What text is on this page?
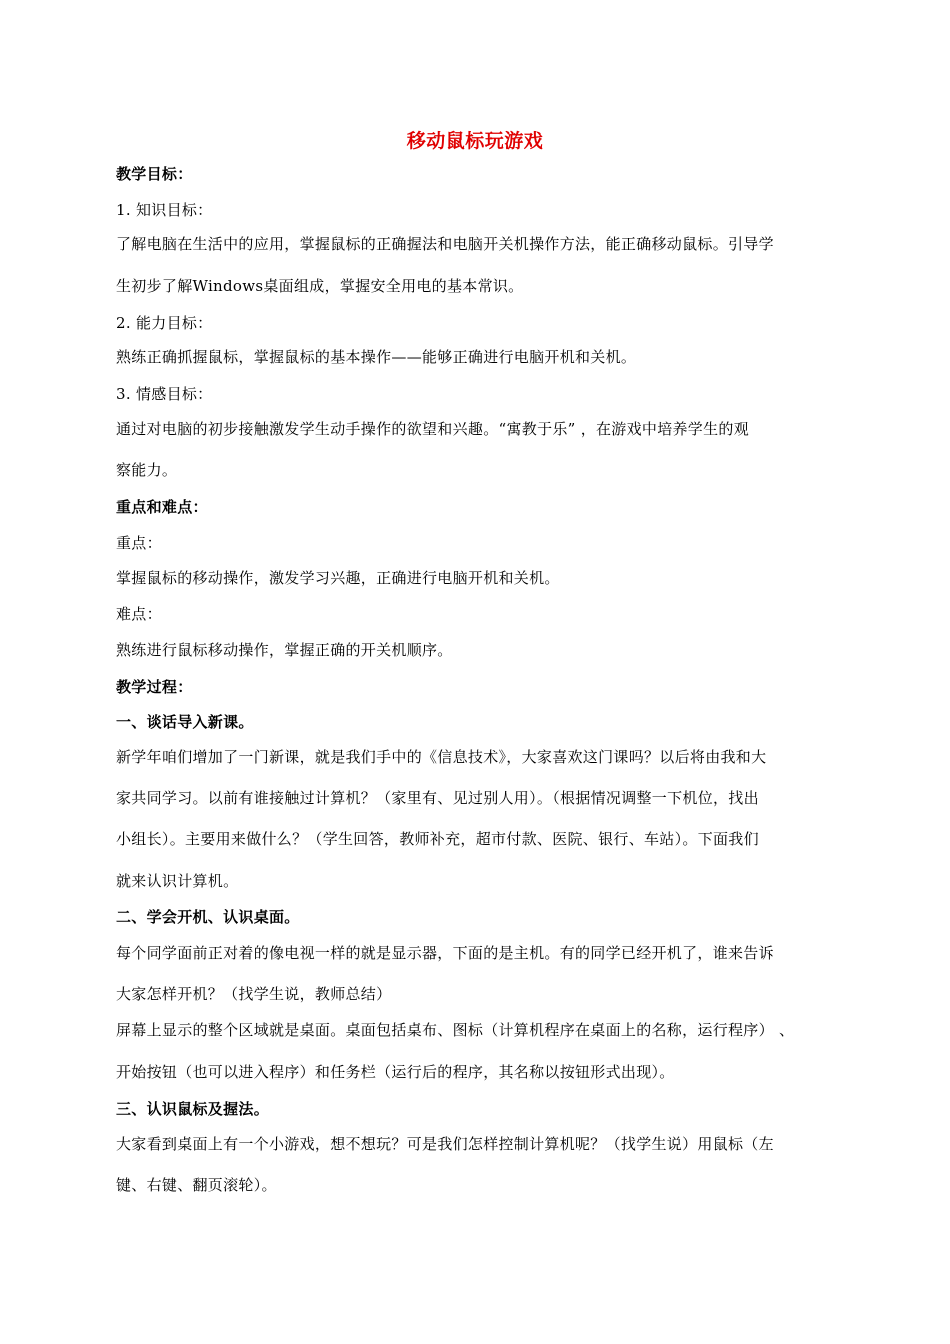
移动鼠标玩游戏
教学目标：
1. 知识目标：
了解电脑在生活中的应用，掌握鼠标的正确握法和电脑开关机操作方法，能正确移动鼠标。引导学
生初步了解Windows桌面组成，掌握安全用电的基本常识。
2. 能力目标：
熟练正确抓握鼠标，掌握鼠标的基本操作——能够正确进行电脑开机和关机。
3. 情感目标：
通过对电脑的初步接触激发学生动手操作的欲望和兴趣。“寓教于乐” ，在游戏中培养学生的观
察能力。
重点和难点：
重点：
掌握鼠标的移动操作，激发学习兴趣，正确进行电脑开机和关机。
难点：
熟练进行鼠标移动操作，掌握正确的开关机顺序。
教学过程：
一、谈话导入新课。
新学年咱们增加了一门新课，就是我们手中的《信息技术》，大家喜欢这门课吗？以后将由我和大
家共同学习。以前有谁接触过计算机？（家里有、见过别人用）。（根据情况调整一下机位，找出
小组长）。主要用来做什么？（学生回答，教师补充，超市付款、医院、银行、车站）。下面我们
就来认识计算机。
二、学会开机、认识桌面。
每个同学面前正对着的像电视一样的就是显示器，下面的是主机。有的同学已经开机了，谁来告诉
大家怎样开机？（找学生说，教师总结）
屏幕上显示的整个区域就是桌面。桌面包括桌布、图标（计算机程序在桌面上的名称，运行程序） 、
开始按钮（也可以进入程序）和任务栏（运行后的程序，其名称以按钮形式出现）。
三、认识鼠标及握法。
大家看到桌面上有一个小游戏，想不想玩？可是我们怎样控制计算机呢？（找学生说）用鼠标（左
键、右键、翻页滚轮）。
